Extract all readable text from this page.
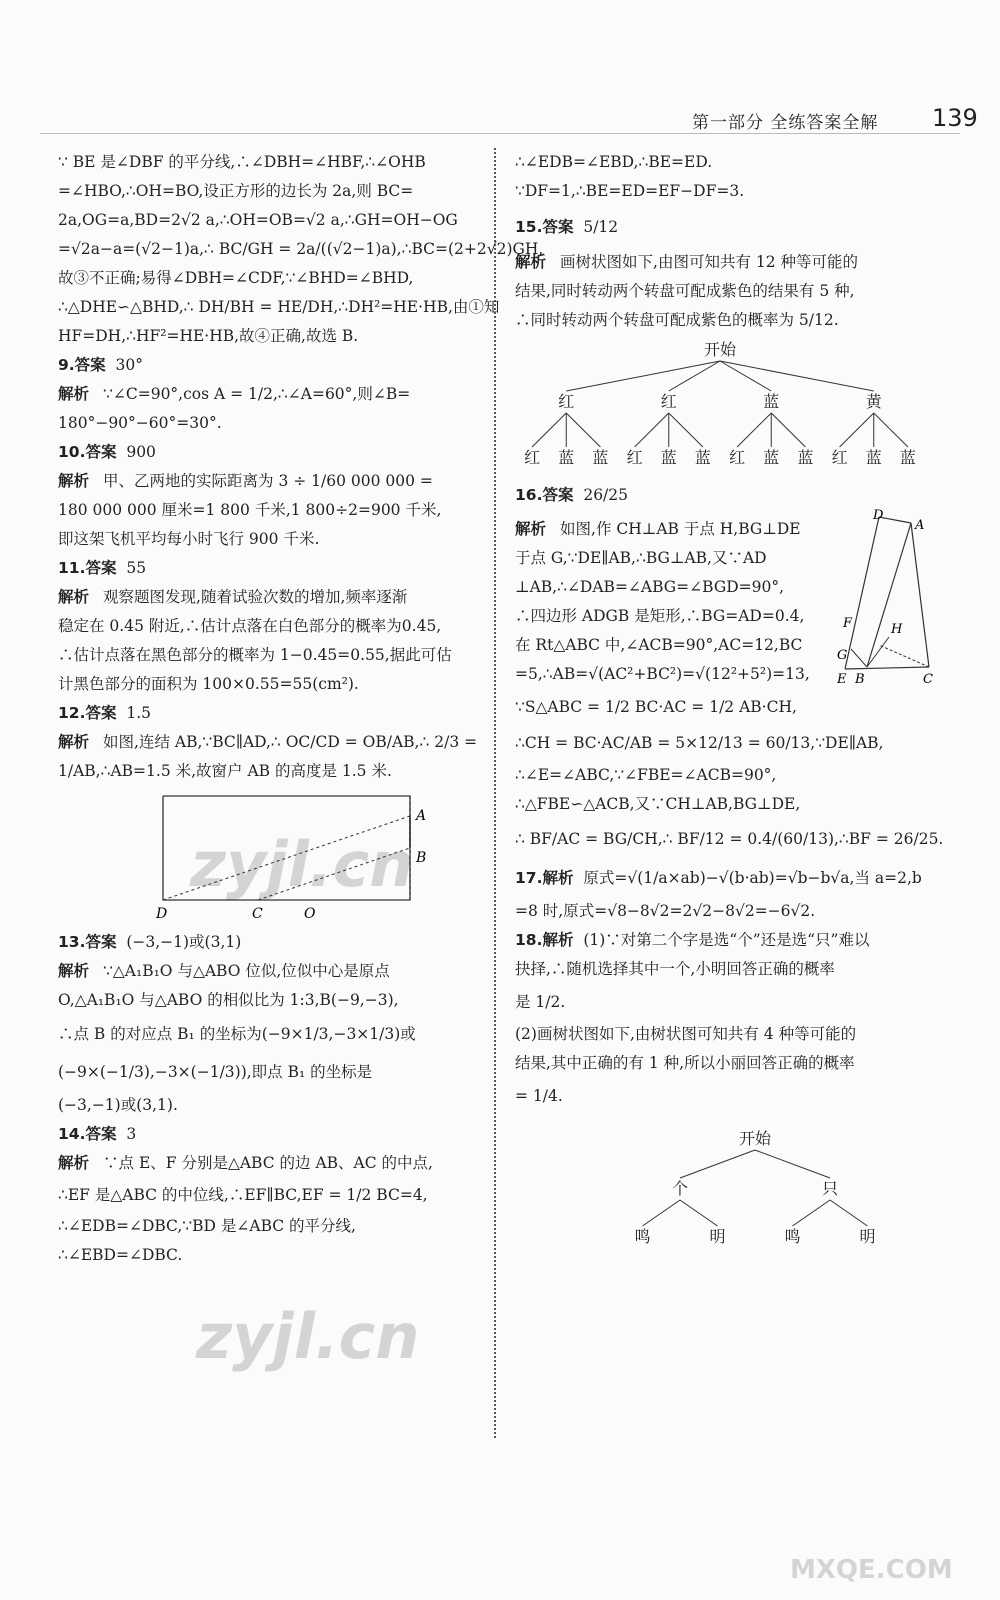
第一部分 全练答案全解 139

∵ BE 是∠DBF 的平分线,∴∠DBH=∠HBF,∴∠OHB

=∠HBO,∴OH=BO,设正方形的边长为 2a,则 BC=

2a,OG=a,BD=2√2 a,∴OH=OB=√2 a,∴GH=OH−OG

=√2a−a=(√2−1)a,∴ BC/GH = 2a/((√2−1)a),∴BC=(2+2√2)GH,

故③不正确;易得∠DBH=∠CDF,∵∠BHD=∠BHD,

∴△DHE∽△BHD,∴ DH/BH = HE/DH,∴DH²=HE·HB,由①知

HF=DH,∴HF²=HE·HB,故④正确,故选 B.

9.答案 30°

解析 ∵∠C=90°,cos A = 1/2,∴∠A=60°,则∠B=

180°−90°−60°=30°.

10.答案 900

解析 甲、乙两地的实际距离为 3 ÷ 1/60 000 000 =

180 000 000 厘米=1 800 千米,1 800÷2=900 千米,

即这架飞机平均每小时飞行 900 千米.

11.答案 55

解析 观察题图发现,随着试验次数的增加,频率逐渐

稳定在 0.45 附近,∴估计点落在白色部分的概率为0.45,

∴估计点落在黑色部分的概率为 1−0.45=0.55,据此可估

计黑色部分的面积为 100×0.55=55(cm²).

12.答案 1.5

解析 如图,连结 AB,∵BC∥AD,∴ OC/CD = OB/AB,∴ 2/3 =

1/AB,∴AB=1.5 米,故窗户 AB 的高度是 1.5 米.

A
B
D	C	O

13.答案 (−3,−1)或(3,1)

解析 ∵△A₁B₁O 与△ABO 位似,位似中心是原点

O,△A₁B₁O 与△ABO 的相似比为 1:3,B(−9,−3),

∴点 B 的对应点 B₁ 的坐标为(−9×1/3,−3×1/3)或

(−9×(−1/3),−3×(−1/3)),即点 B₁ 的坐标是

(−3,−1)或(3,1).

14.答案 3

解析 ∵点 E、F 分别是△ABC 的边 AB、AC 的中点,

∴EF 是△ABC 的中位线,∴EF∥BC,EF = 1/2 BC=4,

∴∠EDB=∠DBC,∵BD 是∠ABC 的平分线,

∴∠EBD=∠DBC.

∴∠EDB=∠EBD,∴BE=ED.

∵DF=1,∴BE=ED=EF−DF=3.

15.答案 5/12

解析 画树状图如下,由图可知共有 12 种等可能的

结果,同时转动两个转盘可配成紫色的结果有 5 种,

∴同时转动两个转盘可配成紫色的概率为 5/12.

开始
红
红 蓝 蓝
红
红 蓝 蓝
蓝
红 蓝 蓝
黄
红 蓝 蓝

16.答案 26/25

解析 如图,作 CH⊥AB 于点 H,BG⊥DE

于点 G,∵DE∥AB,∴BG⊥AB,又∵AD

⊥AB,∴∠DAB=∠ABG=∠BGD=90°,

∴四边形 ADGB 是矩形,∴BG=AD=0.4,

在 Rt△ABC 中,∠ACB=90°,AC=12,BC

=5,∴AB=√(AC²+BC²)=√(12²+5²)=13,

∵S△ABC = 1/2 BC·AC = 1/2 AB·CH,

∴CH = BC·AC/AB = 5×12/13 = 60/13,∵DE∥AB,

∴∠E=∠ABC,∵∠FBE=∠ACB=90°,

∴△FBE∽△ACB,又∵CH⊥AB,BG⊥DE,

∴ BF/AC = BG/CH,∴ BF/12 = 0.4/(60/13),∴BF = 26/25.

D
A
F	H
G
E B	C

17.解析 原式=√(1/a×ab)−√(b·ab)=√b−b√a,当 a=2,b

=8 时,原式=√8−8√2=2√2−8√2=−6√2.

18.解析 (1)∵对第二个字是选“个”还是选“只”难以

抉择,∴随机选择其中一个,小明回答正确的概率

是 1/2.

(2)画树状图如下,由树状图可知共有 4 种等可能的

结果,其中正确的有 1 种,所以小丽回答正确的概率

= 1/4.

开始
个
鸣	明
只
鸣	明
zyjl.cn
zyjl.cn
MXQE.COM
